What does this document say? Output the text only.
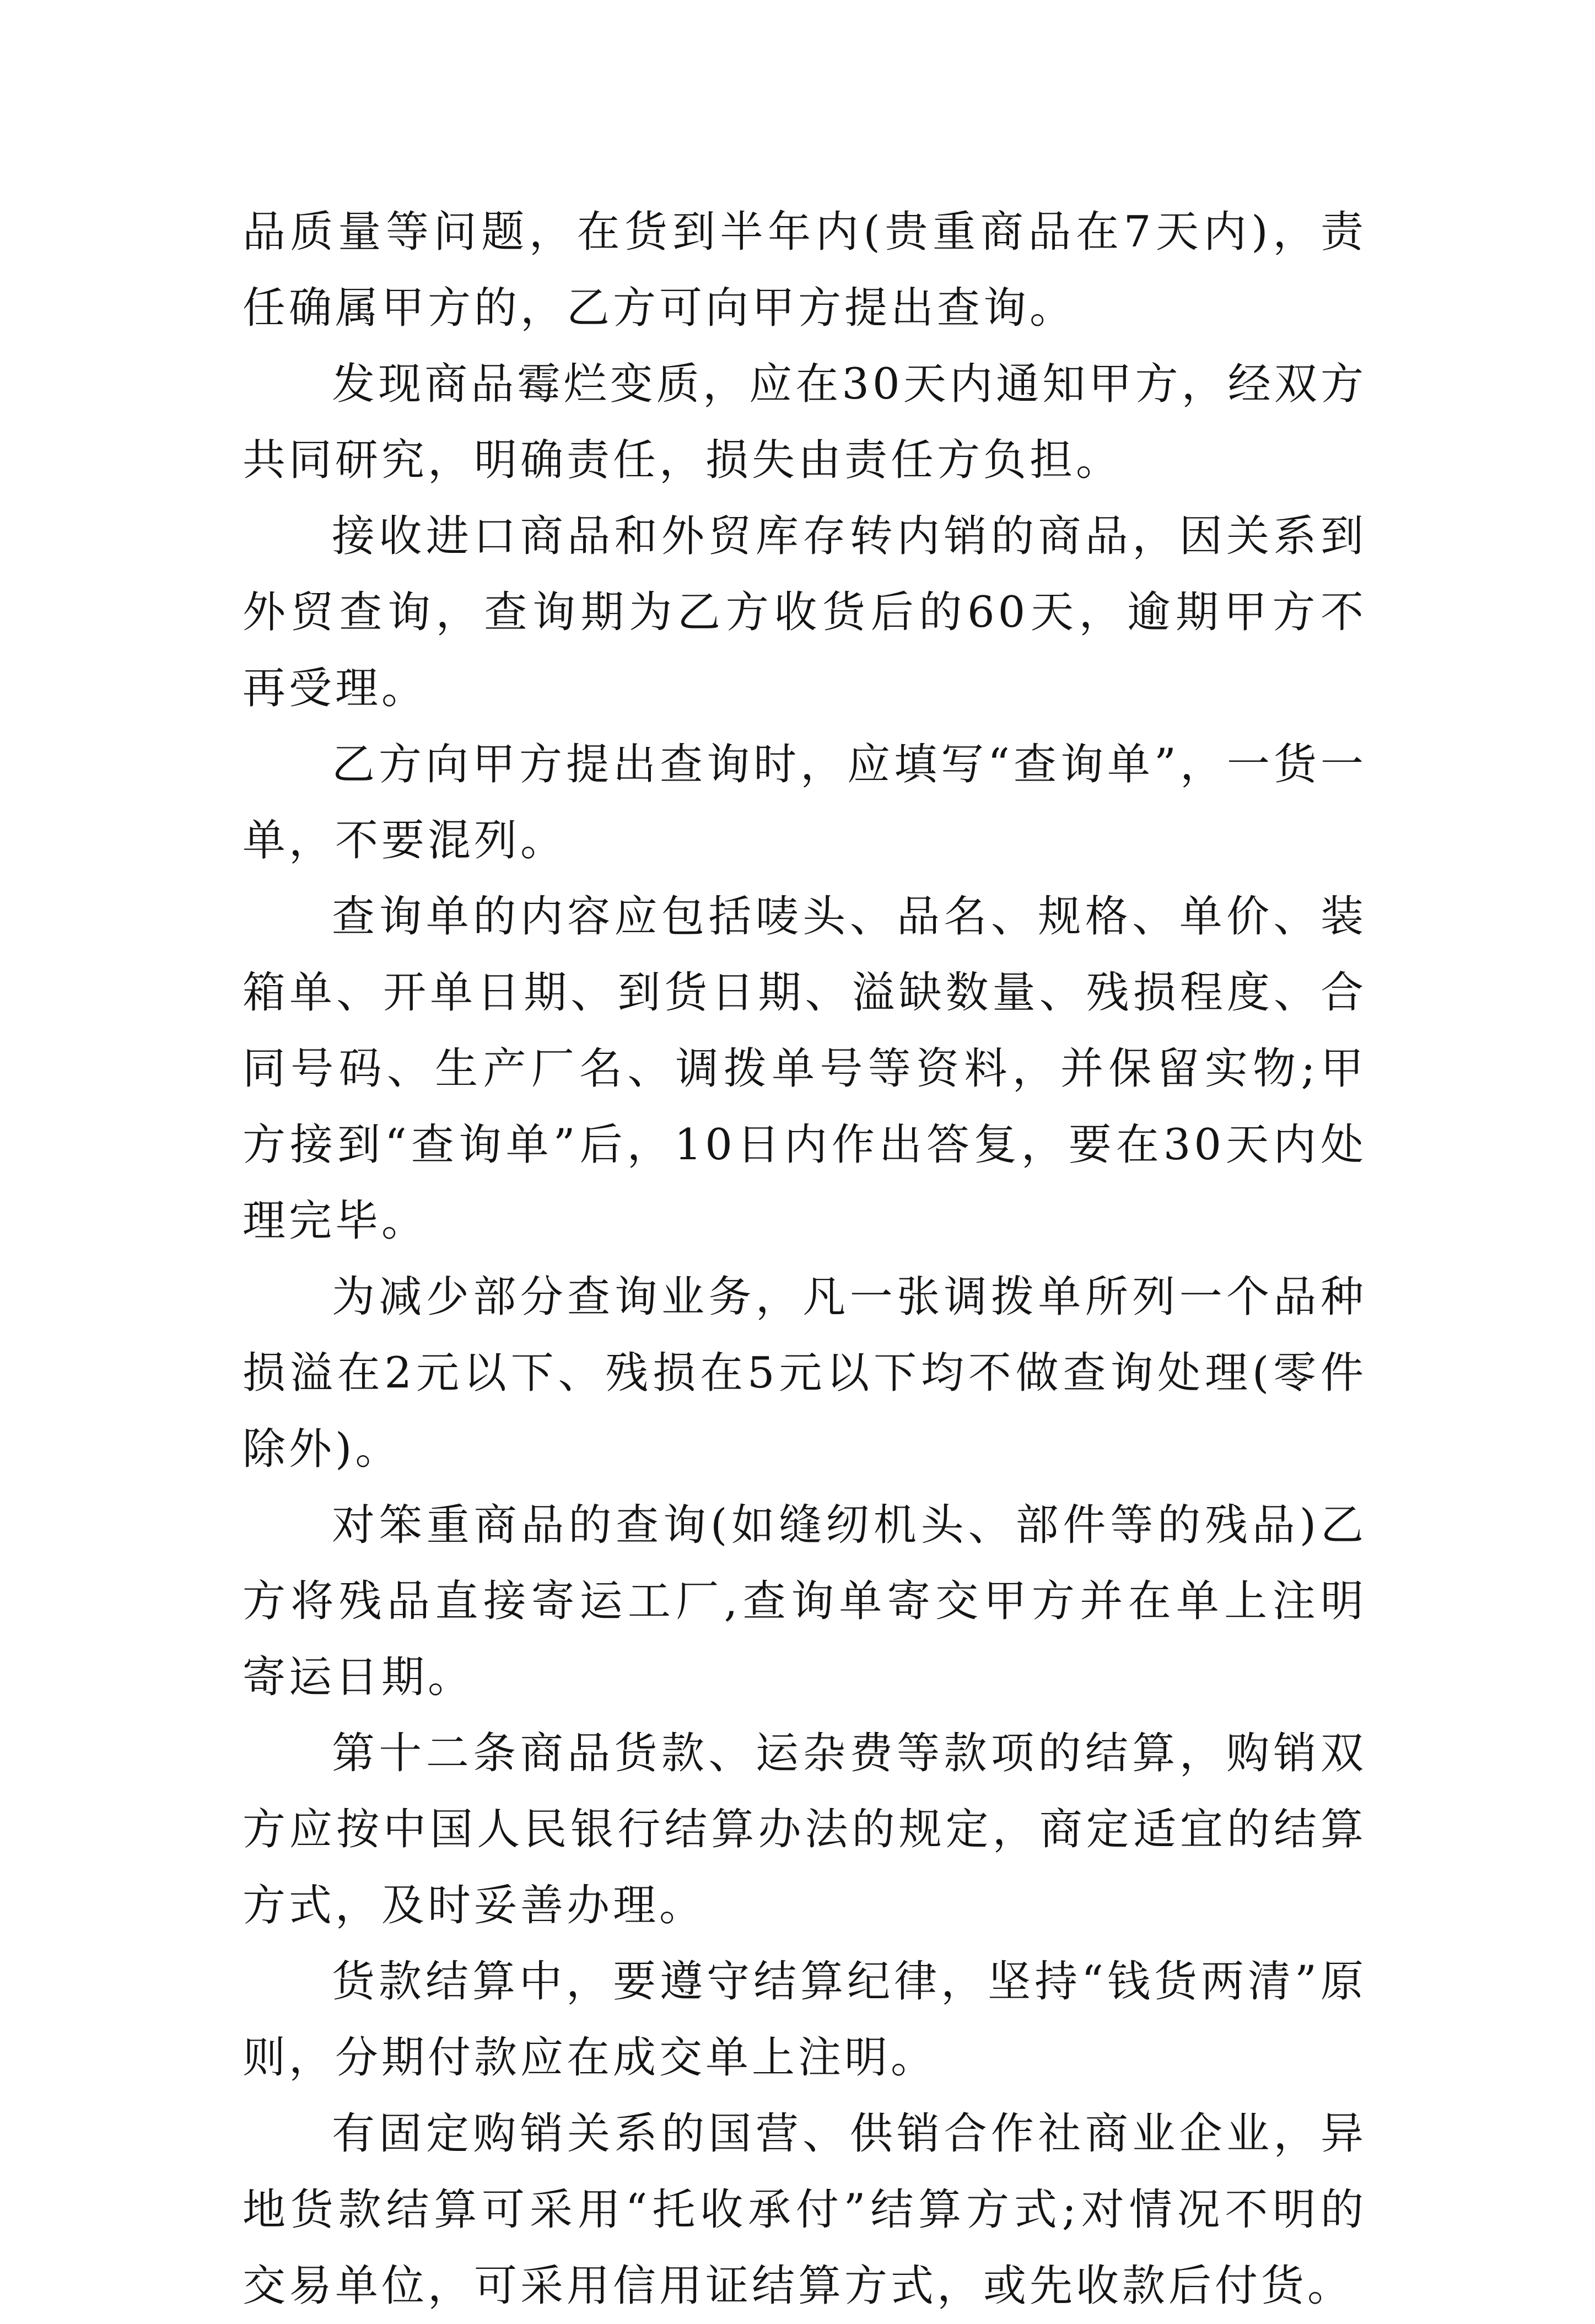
品质量等问题，在货到半年内(贵重商品在7天内)，责任确属甲方的，乙方可向甲方提出查询。

发现商品霉烂变质，应在30天内通知甲方，经双方共同研究，明确责任，损失由责任方负担。

接收进口商品和外贸库存转内销的商品，因关系到外贸查询，查询期为乙方收货后的60天，逾期甲方不再受理。

乙方向甲方提出查询时，应填写“查询单”，一货一单，不要混列。

查询单的内容应包括唛头、品名、规格、单价、装箱单、开单日期、到货日期、溢缺数量、残损程度、合同号码、生产厂名、调拨单号等资料，并保留实物;甲方接到“查询单”后，10日内作出答复，要在30天内处理完毕。

为减少部分查询业务，凡一张调拨单所列一个品种损溢在2元以下、残损在5元以下均不做查询处理(零件除外)。

对笨重商品的查询(如缝纫机头、部件等的残品)乙方将残品直接寄运工厂,查询单寄交甲方并在单上注明寄运日期。

第十二条商品货款、运杂费等款项的结算，购销双方应按中国人民银行结算办法的规定，商定适宜的结算方式，及时妥善办理。

货款结算中，要遵守结算纪律，坚持“钱货两清”原则，分期付款应在成交单上注明。

有固定购销关系的国营、供销合作社商业企业，异地货款结算可采用“托收承付”结算方式;对情况不明的交易单位，可采用信用证结算方式，或先收款后付货。
